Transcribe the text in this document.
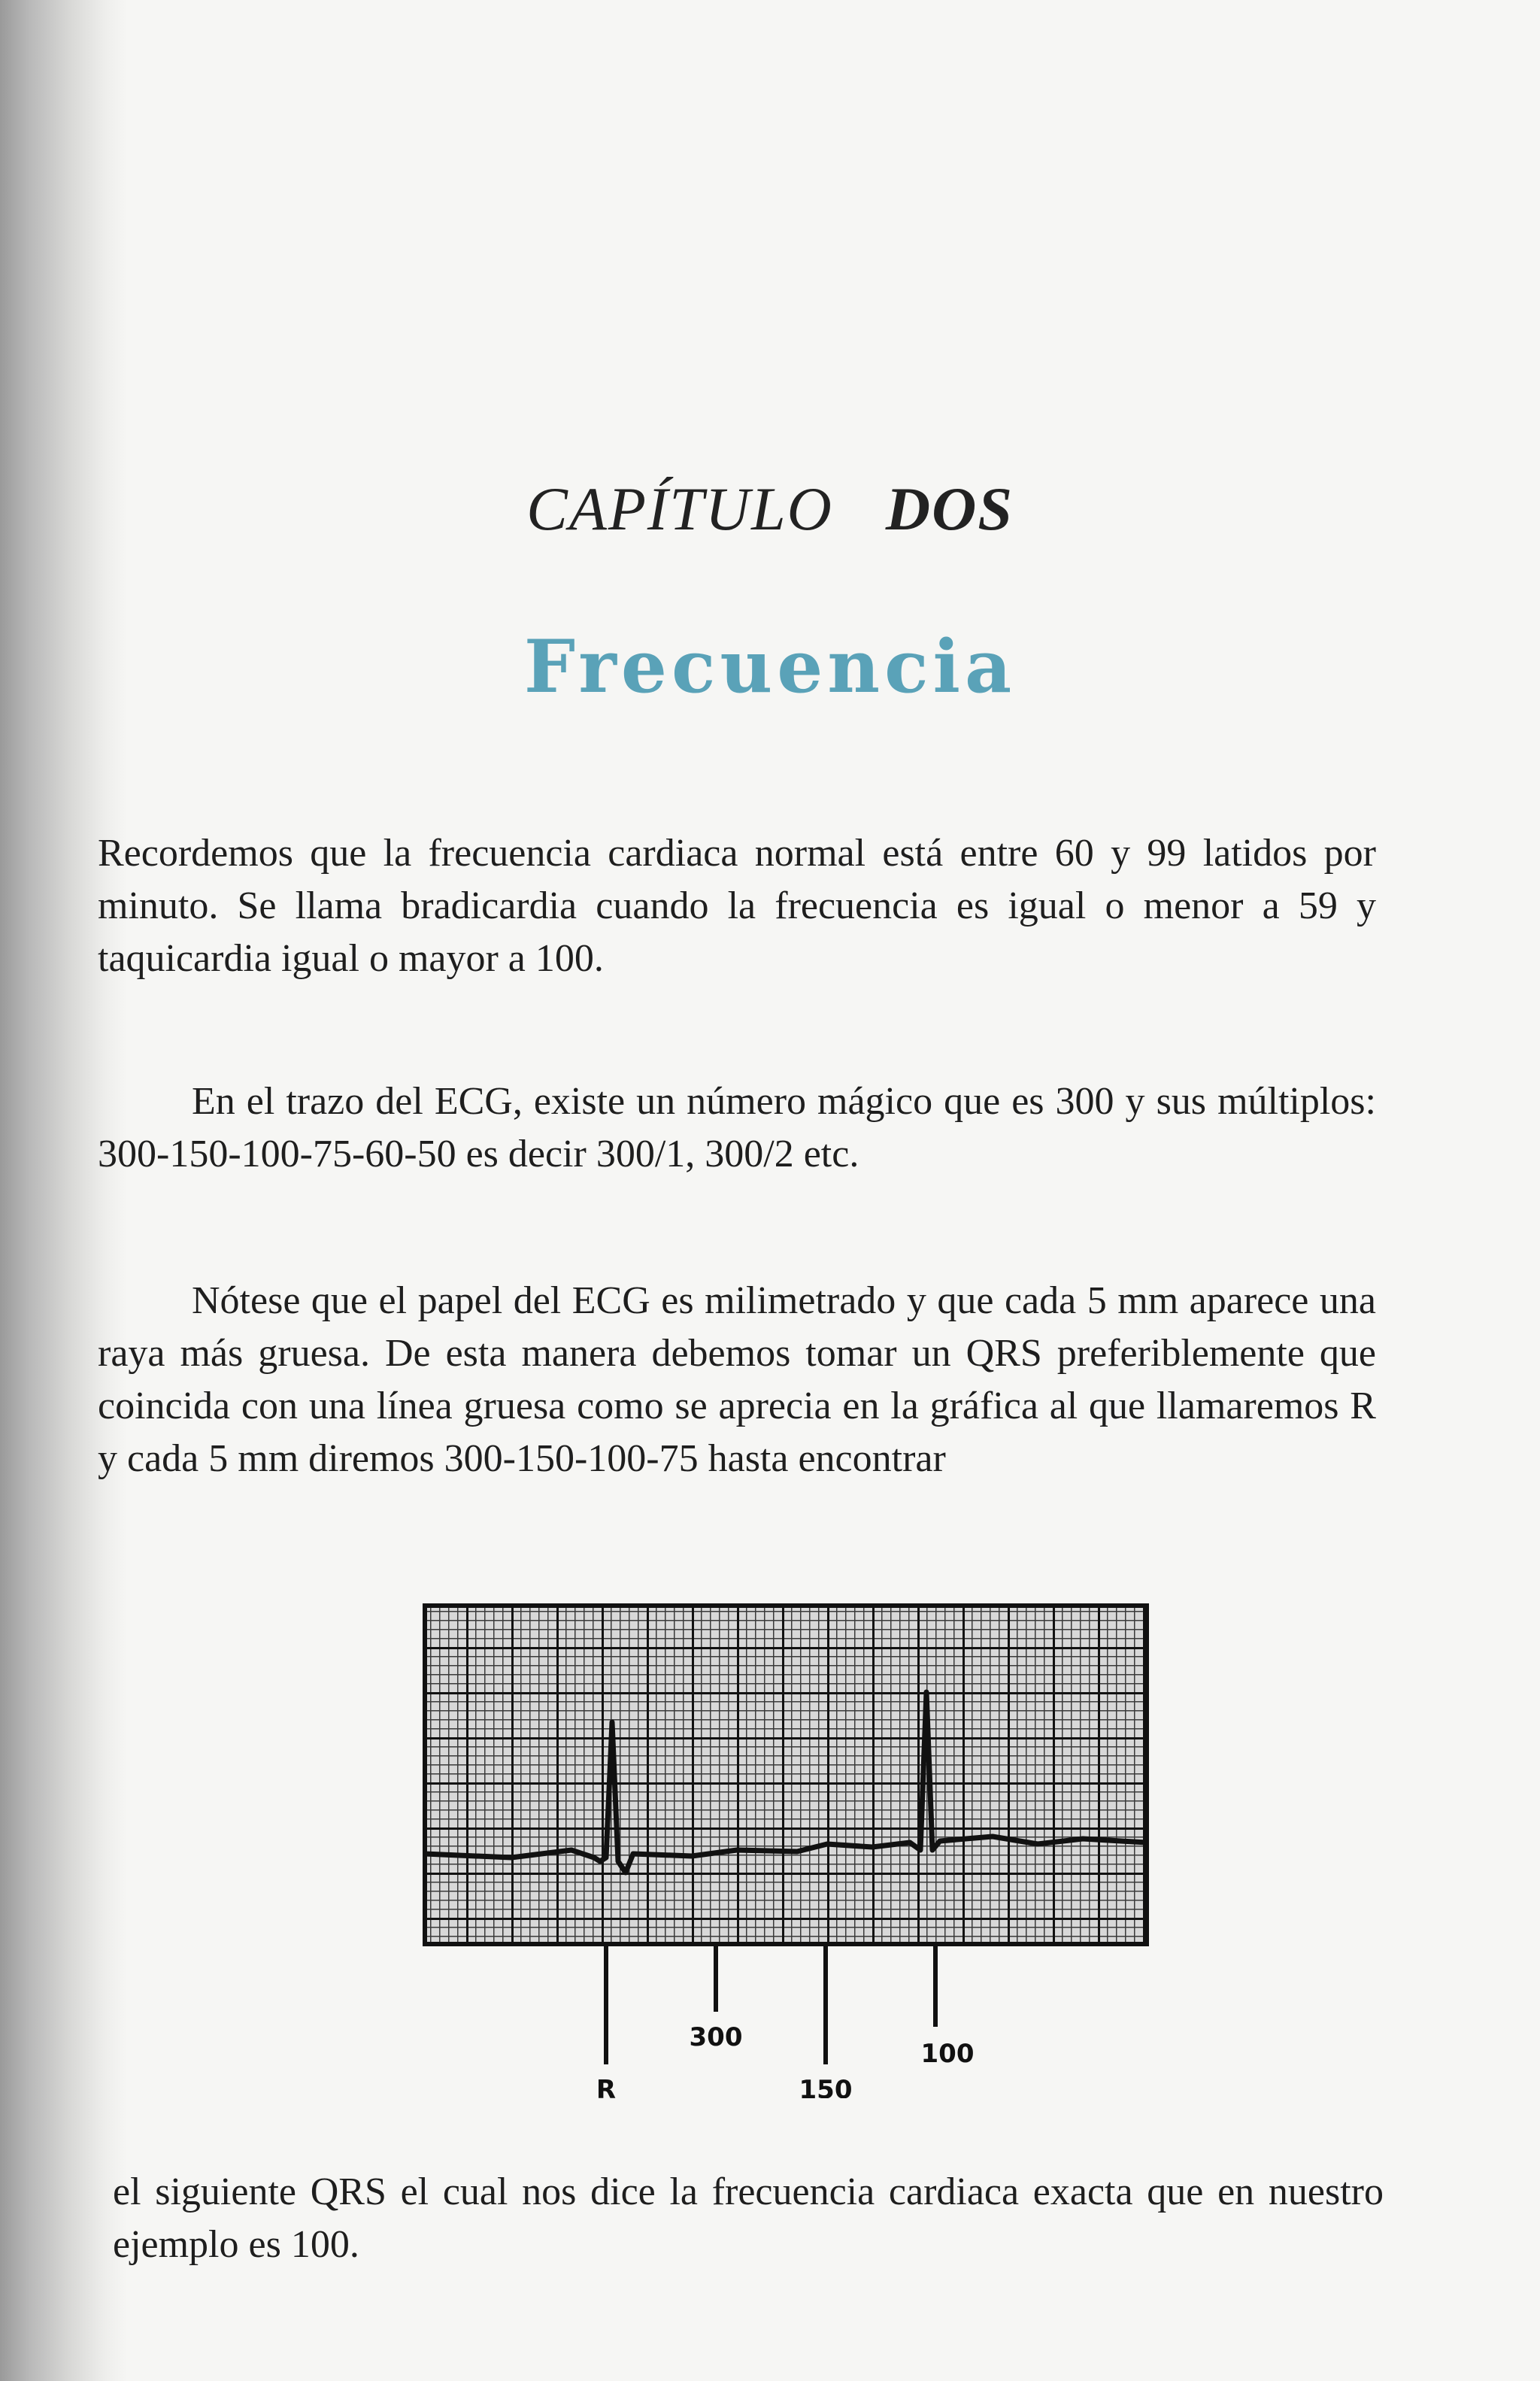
CAPÍTULO DOS
Frecuencia

Recordemos que la frecuencia cardiaca normal está entre 60 y 99 latidos por minuto. Se llama bradicardia cuando la frecuencia es igual o menor a 59 y taquicardia igual o mayor a 100.

En el trazo del ECG, existe un número mágico que es 300 y sus múltiplos: 300-150-100-75-60-50 es decir 300/1, 300/2 etc.

Nótese que el papel del ECG es milimetrado y que cada 5 mm aparece una raya más gruesa. De esta manera debemos tomar un QRS preferiblemente que coincida con una línea gruesa como se aprecia en la gráfica al que llamaremos R y cada 5 mm diremos 300-150-100-75 hasta encontrar

R
300
150
100

el siguiente QRS el cual nos dice la frecuencia cardiaca exacta que en nuestro ejemplo es 100.
